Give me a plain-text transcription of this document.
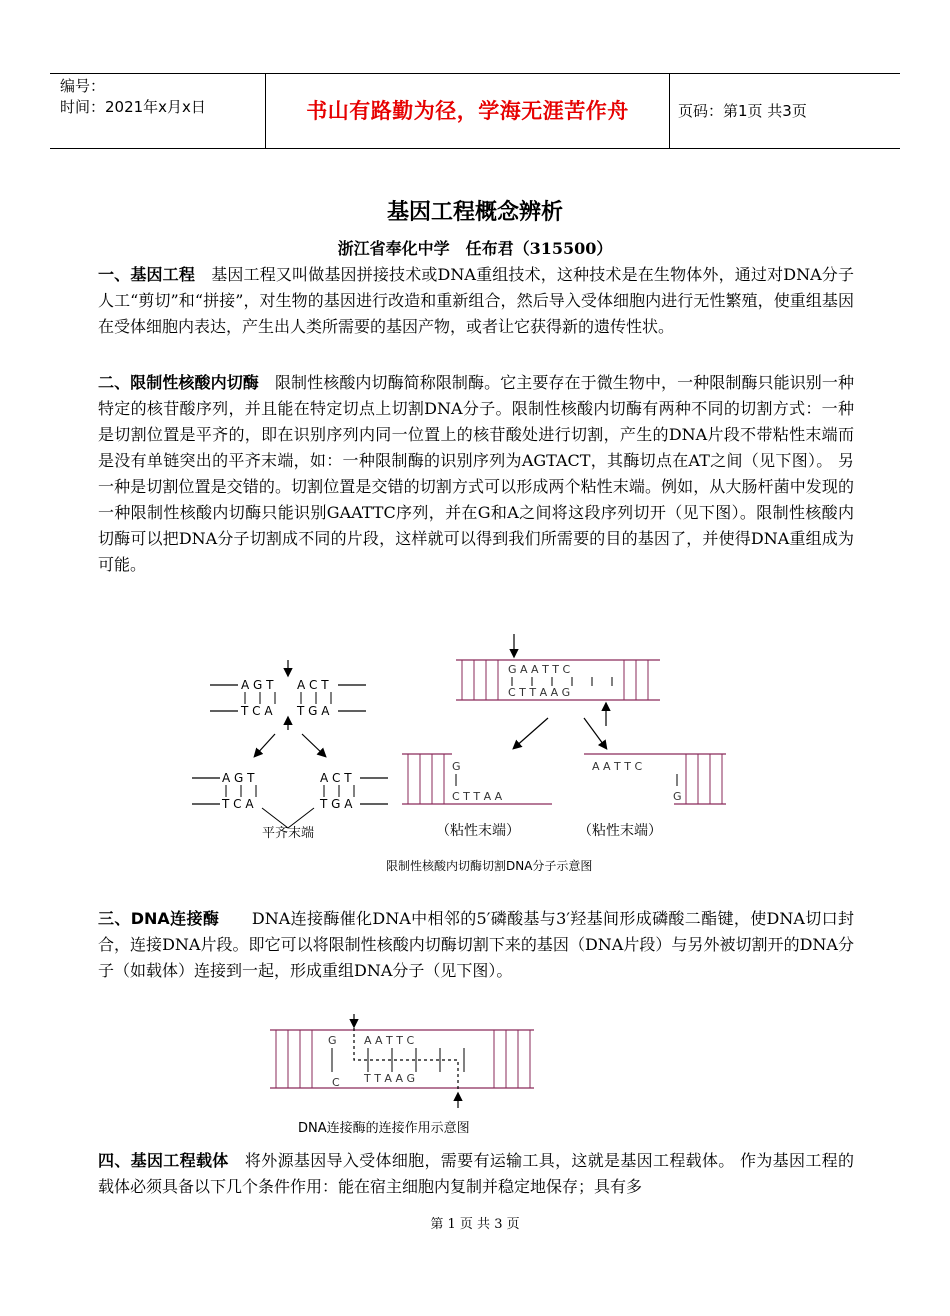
编号：
时间：2021年x月x日	书山有路勤为径，学海无涯苦作舟	页码：第1页 共3页
基因工程概念辨析
浙江省奉化中学　任布君（315500）

一、基因工程　 基因工程又叫做基因拼接技术或DNA重组技术，这种技术是在生物体外，通过对DNA分子人工“剪切”和“拼接”，对生物的基因进行改造和重新组合，然后导入受体细胞内进行无性繁殖，使重组基因在受体细胞内表达，产生出人类所需要的基因产物，或者让它获得新的遗传性状。

二、限制性核酸内切酶　 限制性核酸内切酶简称限制酶。它主要存在于微生物中，一种限制酶只能识别一种特定的核苷酸序列，并且能在特定切点上切割DNA分子。限制性核酸内切酶有两种不同的切割方式：一种是切割位置是平齐的，即在识别序列内同一位置上的核苷酸处进行切割，产生的DNA片段不带粘性末端而是没有单链突出的平齐末端，如：一种限制酶的识别序列为AGTACT，其酶切点在AT之间（见下图）。 另一种是切割位置是交错的。切割位置是交错的切割方式可以形成两个粘性末端。例如，从大肠杆菌中发现的一种限制性核酸内切酶只能识别GAATTC序列，并在G和A之间将这段序列切开（见下图）。限制性核酸内切酶可以把DNA分子切割成不同的片段，这样就可以得到我们所需要的目的基因了，并使得DNA重组成为可能。

A G T A C T
T C A T G A
A G T
T C A
A C T
T G A
平齐末端
G A A T T C
C T T A A G
G
C T T A A
A A T T C
G
（粘性末端）	（粘性末端）
限制性核酸内切酶切割DNA分子示意图

三、DNA连接酶　　 DNA连接酶催化DNA中相邻的5′磷酸基与3′羟基间形成磷酸二酯键，使DNA切口封合，连接DNA片段。即它可以将限制性核酸内切酶切割下来的基因（DNA片段）与另外被切割开的DNA分子（如载体）连接到一起，形成重组DNA分子（见下图）。

G A A T T C
C T T A A G
DNA连接酶的连接作用示意图

四、基因工程载体　 将外源基因导入受体细胞，需要有运输工具，这就是基因工程载体。 作为基因工程的载体必须具备以下几个条件作用：能在宿主细胞内复制并稳定地保存；具有多

第 1 页 共 3 页
